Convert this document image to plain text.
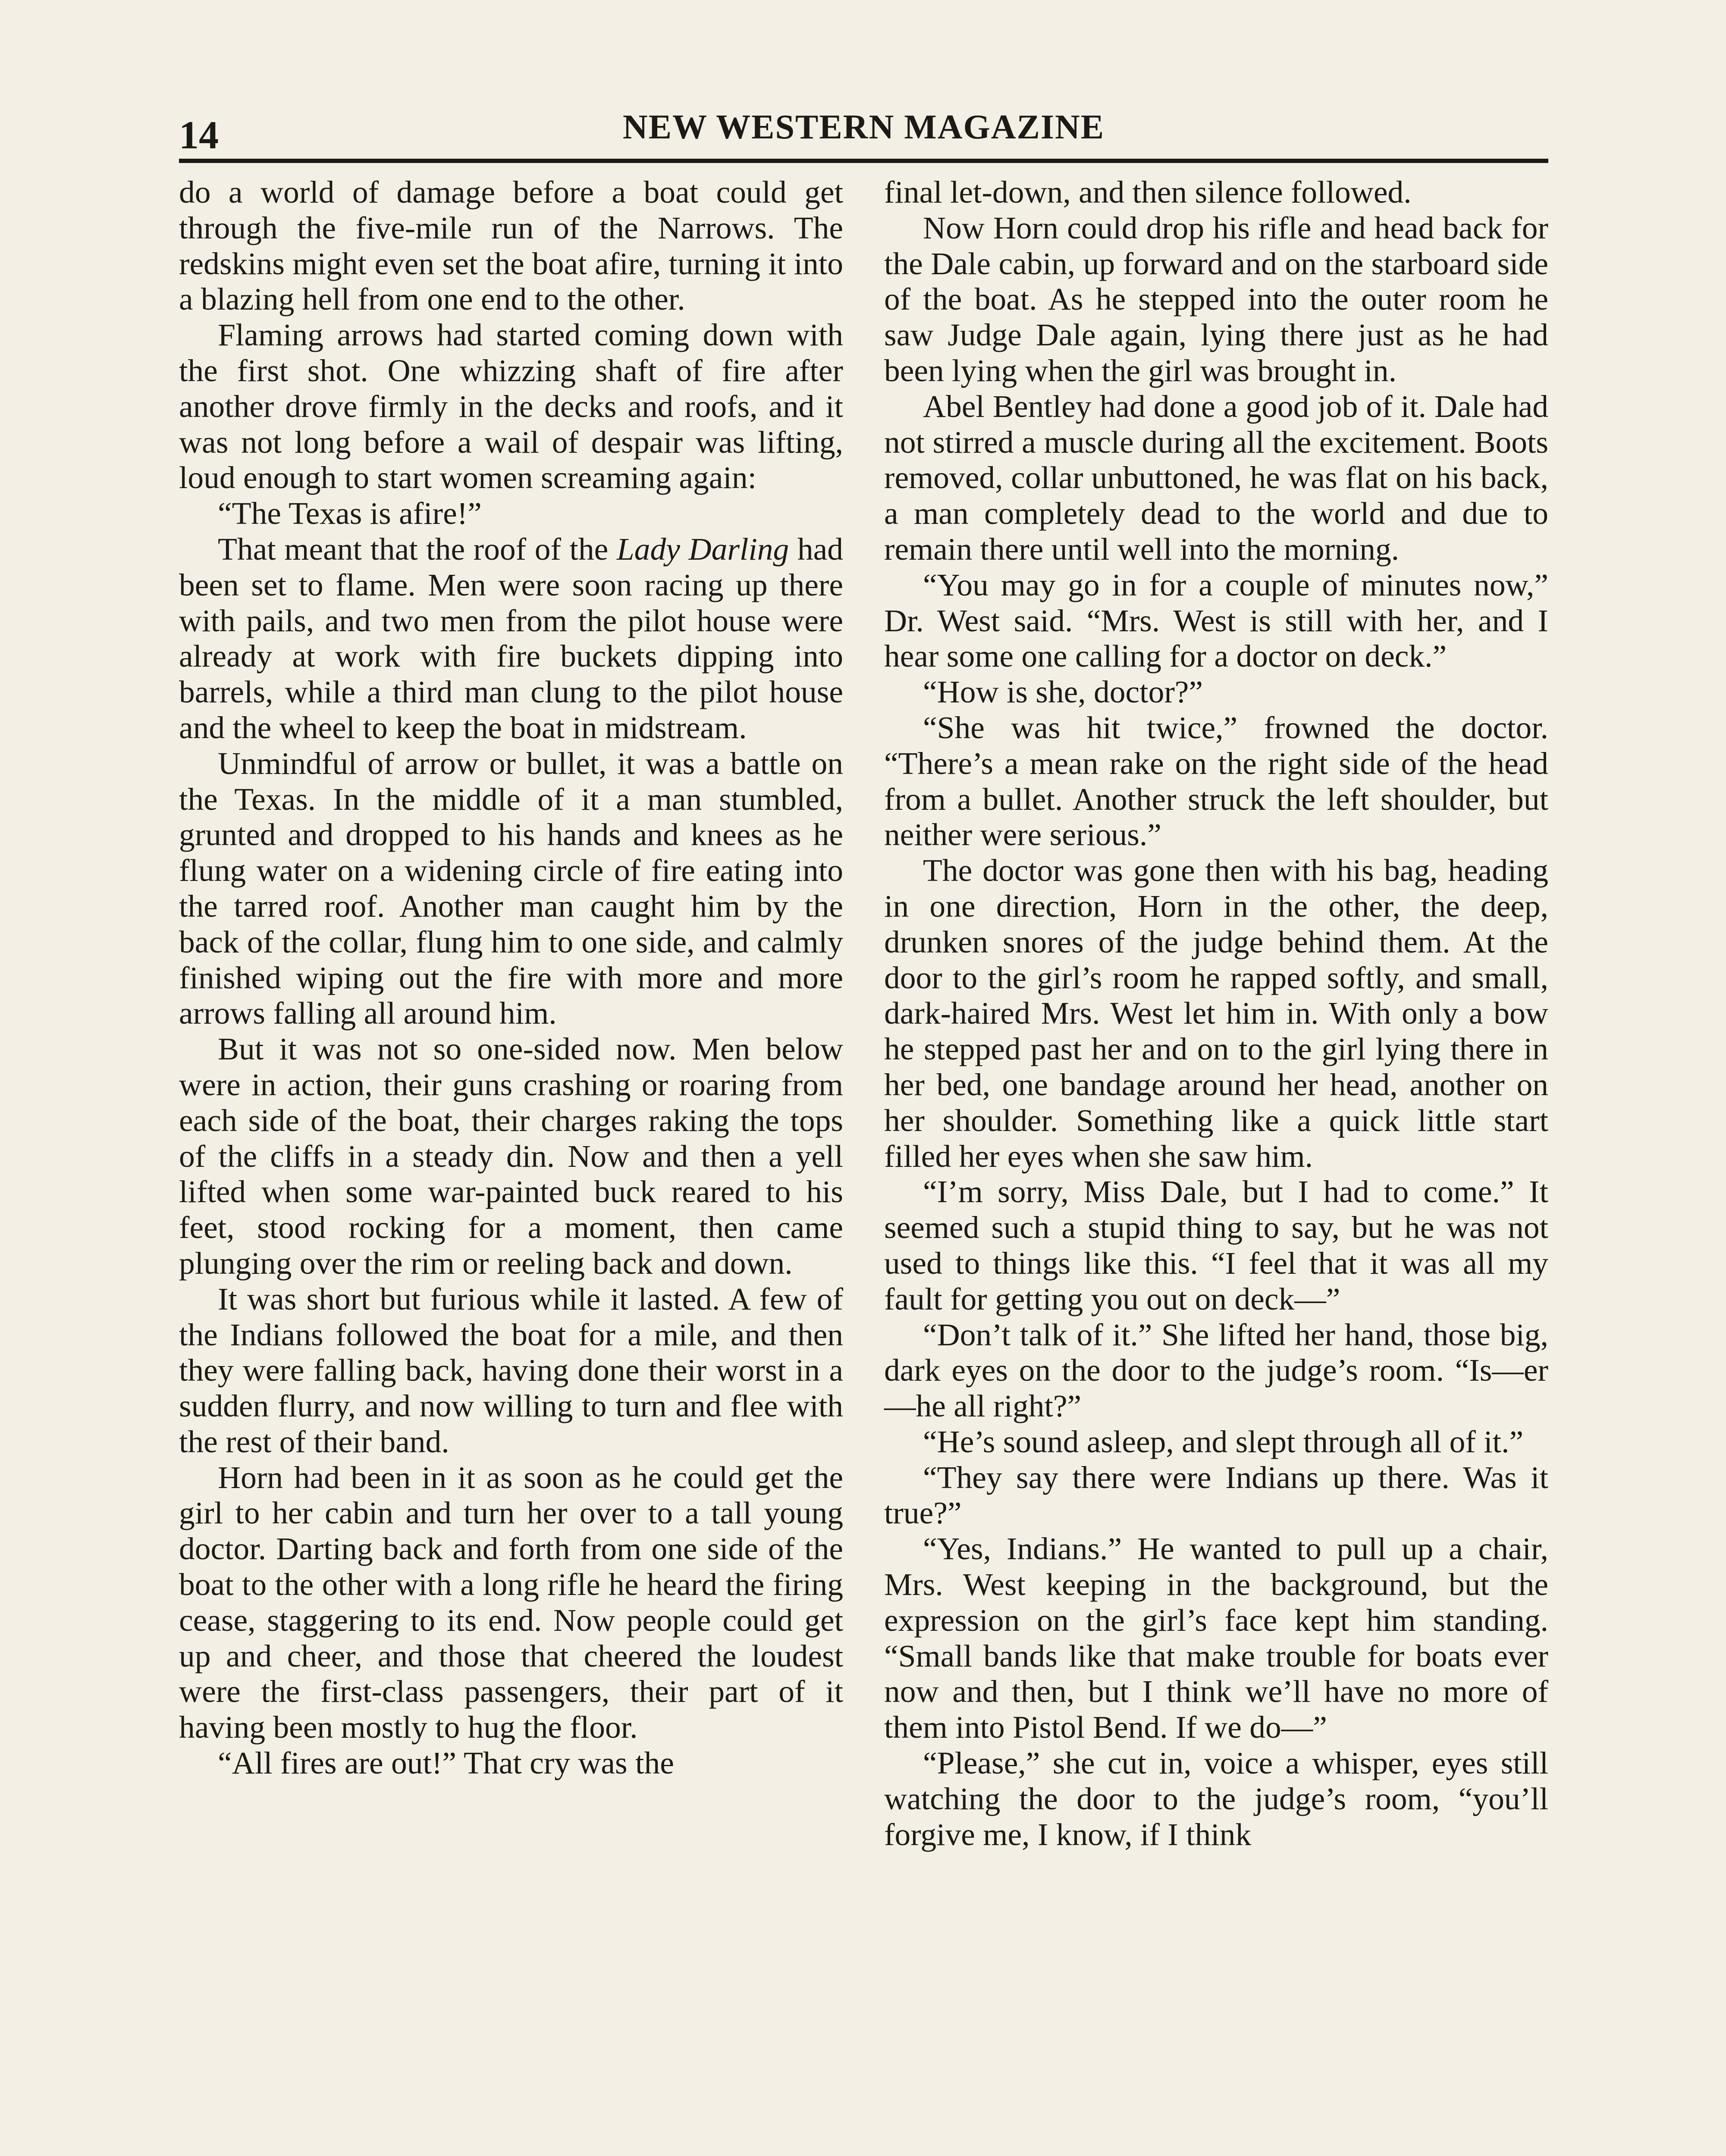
14	NEW WESTERN MAGAZINE

do a world of damage before a boat could get through the five-mile run of the Narrows. The redskins might even set the boat afire, turning it into a blazing hell from one end to the other.

Flaming arrows had started coming down with the first shot. One whizzing shaft of fire after another drove firmly in the decks and roofs, and it was not long before a wail of despair was lifting, loud enough to start women screaming again:

“The Texas is afire!”

That meant that the roof of the Lady Darling had been set to flame. Men were soon racing up there with pails, and two men from the pilot house were already at work with fire buckets dipping into barrels, while a third man clung to the pilot house and the wheel to keep the boat in midstream.

Unmindful of arrow or bullet, it was a battle on the Texas. In the middle of it a man stumbled, grunted and dropped to his hands and knees as he flung water on a widening circle of fire eating into the tarred roof. Another man caught him by the back of the collar, flung him to one side, and calmly finished wiping out the fire with more and more arrows falling all around him.

But it was not so one-sided now. Men below were in action, their guns crashing or roaring from each side of the boat, their charges raking the tops of the cliffs in a steady din. Now and then a yell lifted when some war-painted buck reared to his feet, stood rocking for a moment, then came plunging over the rim or reeling back and down.

It was short but furious while it lasted. A few of the Indians followed the boat for a mile, and then they were falling back, having done their worst in a sudden flurry, and now willing to turn and flee with the rest of their band.

Horn had been in it as soon as he could get the girl to her cabin and turn her over to a tall young doctor. Darting back and forth from one side of the boat to the other with a long rifle he heard the firing cease, staggering to its end. Now people could get up and cheer, and those that cheered the loudest were the first-class passengers, their part of it having been mostly to hug the floor.

“All fires are out!” That cry was the

final let-down, and then silence followed.

Now Horn could drop his rifle and head back for the Dale cabin, up forward and on the starboard side of the boat. As he stepped into the outer room he saw Judge Dale again, lying there just as he had been lying when the girl was brought in.

Abel Bentley had done a good job of it. Dale had not stirred a muscle during all the excitement. Boots removed, collar unbuttoned, he was flat on his back, a man completely dead to the world and due to remain there until well into the morning.

“You may go in for a couple of minutes now,” Dr. West said. “Mrs. West is still with her, and I hear some one calling for a doctor on deck.”

“How is she, doctor?”

“She was hit twice,” frowned the doctor. “There’s a mean rake on the right side of the head from a bullet. Another struck the left shoulder, but neither were serious.”

The doctor was gone then with his bag, heading in one direction, Horn in the other, the deep, drunken snores of the judge behind them. At the door to the girl’s room he rapped softly, and small, dark-haired Mrs. West let him in. With only a bow he stepped past her and on to the girl lying there in her bed, one bandage around her head, another on her shoulder. Something like a quick little start filled her eyes when she saw him.

“I’m sorry, Miss Dale, but I had to come.” It seemed such a stupid thing to say, but he was not used to things like this. “I feel that it was all my fault for getting you out on deck—”

“Don’t talk of it.” She lifted her hand, those big, dark eyes on the door to the judge’s room. “Is—er—he all right?”

“He’s sound asleep, and slept through all of it.”

“They say there were Indians up there. Was it true?”

“Yes, Indians.” He wanted to pull up a chair, Mrs. West keeping in the background, but the expression on the girl’s face kept him standing. “Small bands like that make trouble for boats ever now and then, but I think we’ll have no more of them into Pistol Bend. If we do—”

“Please,” she cut in, voice a whisper, eyes still watching the door to the judge’s room, “you’ll forgive me, I know, if I think
